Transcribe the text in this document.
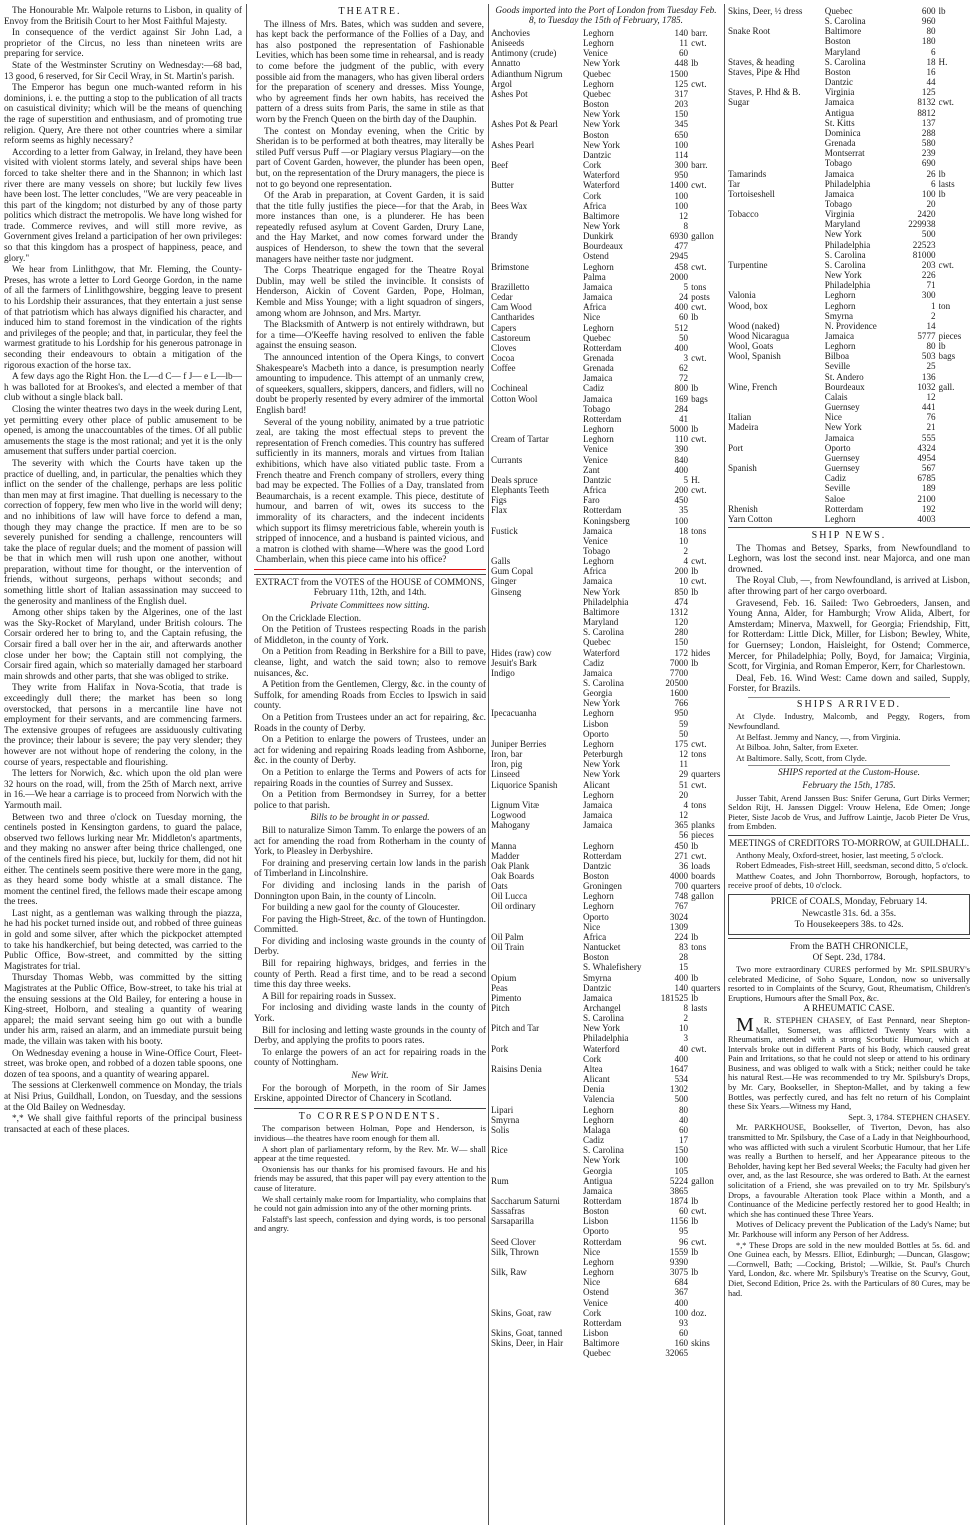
The Honourable Mr. Walpole returns to Lisbon, in quality of Envoy from the Britisih Court to her Most Faithful Majesty.

In consequence of the verdict against Sir John Lad, a proprietor of the Circus, no less than nineteen writs are preparing for service.

State of the Westminster Scrutiny on Wednesday:—68 bad, 13 good, 6 reserved, for Sir Cecil Wray, in St. Martin's parish.

The Emperor has begun one much-wanted reform in his dominions, i. e. the putting a stop to the publication of all tracts on casuistical divinity; which will be the means of quenching the rage of superstition and enthusiasm, and of promoting true religion. Query, Are there not other countries where a similar reform seems as highly necessary?

According to a letter from Galway, in Ireland, they have been visited with violent storms lately, and several ships have been forced to take shelter there and in the Shannon; in which last river there are many vessels on shore; but luckily few lives have been lost. The letter concludes, "We are very peaceable in this part of the kingdom; not disturbed by any of those party politics which distract the metropolis. We have long wished for trade. Commerce revives, and will still more revive, as Government gives Ireland a participation of her own privileges: so that this kingdom has a prospect of happiness, peace, and glory."

We hear from Linlithgow, that Mr. Fleming, the County-Preses, has wrote a letter to Lord George Gordon, in the name of all the farmers of Linlithgowshire, begging leave to present to his Lordship their assurances, that they entertain a just sense of that patriotism which has always dignified his character, and induced him to stand foremost in the vindication of the rights and privileges of the people; and that, in particular, they feel the warmest gratitude to his Lordship for his generous patronage in seconding their endeavours to obtain a mitigation of the rigorous exaction of the horse tax.

A few days ago the Right Hon. the L—d C— f J— e L—lb—h was balloted for at Brookes's, and elected a member of that club without a single black ball.

Closing the winter theatres two days in the week during Lent, yet permitting every other place of public amusement to be opened, is among the unaccountables of the times. Of all public amusements the stage is the most rational; and yet it is the only amusement that suffers under partial coercion.

The severity with which the Courts have taken up the practice of duelling, and, in particular, the penalties which they inflict on the sender of the challenge, perhaps are less politic than men may at first imagine. That duelling is necessary to the correction of foppery, few men who live in the world will deny; and no inhibitions of law will have force to defend a man, though they may change the practice. If men are to be so severely punished for sending a challenge, rencounters will take the place of regular duels; and the moment of passion will be that in which men will rush upon one another, without preparation, without time for thought, or the intervention of friends, without surgeons, perhaps without seconds; and something little short of Italian assassination may succeed to the generosity and manliness of the English duel.

Among other ships taken by the Algerines, one of the last was the Sky-Rocket of Maryland, under British colours. The Corsair ordered her to bring to, and the Captain refusing, the Corsair fired a ball over her in the air, and afterwards another close under her bow; the Captain still not complying, the Corsair fired again, which so materially damaged her starboard main shrowds and other parts, that she was obliged to strike.

They write from Halifax in Nova-Scotia, that trade is exceedingly dull there; the market has been so long overstocked, that persons in a mercantile line have not employment for their servants, and are commencing farmers. The extensive groupes of refugees are assiduously cultivating the province; their labour is severe; the pay very slender; they however are not without hope of rendering the colony, in the course of years, respectable and flourishing.

The letters for Norwich, &c. which upon the old plan were 32 hours on the road, will, from the 25th of March next, arrive in 16.—We hear a carriage is to proceed from Norwich with the Yarmouth mail.

Between two and three o'clock on Tuesday morning, the centinels posted in Kensington gardens, to guard the palace, observed two fellows lurking near Mr. Middleton's apartments, and they making no answer after being thrice challenged, one of the centinels fired his piece, but, luckily for them, did not hit either. The centinels seem positive there were more in the gang, as they heard some body whistle at a small distance. The moment the centinel fired, the fellows made their escape among the trees.

Last night, as a gentleman was walking through the piazza, he had his pocket turned inside out, and robbed of three guineas in gold and some silver, after which the pickpocket attempted to take his handkerchief, but being detected, was carried to the Public Office, Bow-street, and committed by the sitting Magistrates for trial.

Thursday Thomas Webb, was committed by the sitting Magistrates at the Public Office, Bow-street, to take his trial at the ensuing sessions at the Old Bailey, for entering a house in King-street, Holborn, and stealing a quantity of wearing apparel; the maid servant seeing him go out with a bundle under his arm, raised an alarm, and an immediate pursuit being made, the villain was taken with his booty.

On Wednesday evening a house in Wine-Office Court, Fleet-street, was broke open, and robbed of a dozen table spoons, one dozen of tea spoons, and a quantity of wearing apparel.

The sessions at Clerkenwell commence on Monday, the trials at Nisi Prius, Guildhall, London, on Tuesday, and the sessions at the Old Bailey on Wednesday.

*,* We shall give faithful reports of the principal business transacted at each of these places.

THEATRE.

The illness of Mrs. Bates, which was sudden and severe, has kept back the performance of the Follies of a Day, and has also postponed the representation of Fashionable Levities, which has been some time in rehearsal, and is ready to come before the judgment of the public, with every possible aid from the managers, who has given liberal orders for the preparation of scenery and dresses. Miss Younge, who by agreement finds her own habits, has received the pattern of a dress suits from Paris, the same in stile as that worn by the French Queen on the birth day of the Dauphin.

The contest on Monday evening, when the Critic by Sheridan is to be performed at both theatres, may literally be stiled Puff versus Puff —or Plagiary versus Plagiary—on the part of Covent Garden, however, the plunder has been open, but, on the representation of the Drury managers, the piece is not to go beyond one representation.

Of the Arab in preparation, at Covent Garden, it is said that the title fully justifies the piece—for that the Arab, in more instances than one, is a plunderer. He has been repeatedly refused asylum at Covent Garden, Drury Lane, and the Hay Market, and now comes forward under the auspices of Henderson, to shew the town that the several managers have neither taste nor judgment.

The Corps Theatrique engaged for the Theatre Royal Dublin, may well be stiled the invincible. It consists of Henderson, Aickin of Covent Garden, Pope, Holman, Kemble and Miss Younge; with a light squadron of singers, among whom are Johnson, and Mrs. Martyr.

The Blacksmith of Antwerp is not entirely withdrawn, but for a time—O'Keeffe having resolved to enliven the fable against the ensuing season.

The announced intention of the Opera Kings, to convert Shakespeare's Macbeth into a dance, is presumption nearly amounting to impudence. This attempt of an unmanly crew, of squeekers, squallers, skippers, dancers, and fidlers, will no doubt be properly resented by every admirer of the immortal English bard!

Several of the young nobility, animated by a true patriotic zeal, are taking the most effectual steps to prevent the representation of French comedies. This country has suffered sufficiently in its manners, morals and virtues from Italian exhibitions, which have also vitiated public taste. From a French theatre and French company of strollers, every thing bad may be expected. The Follies of a Day, translated from Beaumarchais, is a recent example. This piece, destitute of humour, and barren of wit, owes its success to the immorality of its characters, and the indecent incidents which support its flimsy meretricious fable, wherein youth is stripped of innocence, and a husband is painted vicious, and a matron is clothed with shame—Where was the good Lord Chamberlain, when this piece came into his office?

EXTRACT from the VOTES of the HOUSE of COMMONS, February 11th, 12th, and 14th.

Private Committees now sitting.

On the Cricklade Election.

On the Petition of Trustees respecting Roads in the parish of Middleton, in the county of York.

On a Petition from Reading in Berkshire for a Bill to pave, cleanse, light, and watch the said town; also to remove nuisances, &c.

A Petition from the Gentlemen, Clergy, &c. in the county of Suffolk, for amending Roads from Eccles to Ipswich in said county.

On a Petition from Trustees under an act for repairing, &c. Roads in the county of Derby.

On a Petition to enlarge the powers of Trustees, under an act for widening and repairing Roads leading from Ashborne, &c. in the county of Derby.

On a Petition to enlarge the Terms and Powers of acts for repairing Roads in the counties of Surrey and Sussex.

On a Petition from Bermondsey in Surrey, for a better police to that parish.

Bills to be brought in or passed.

Bill to naturalize Simon Tamm. To enlarge the powers of an act for amending the road from Rotherham in the county of York, to Pleasley in Derbyshire.

For draining and preserving certain low lands in the parish of Timberland in Lincolnshire.

For dividing and inclosing lands in the parish of Donnington upon Bain, in the county of Lincoln.

For building a new gaol for the county of Gloucester.

For paving the High-Street, &c. of the town of Huntingdon. Committed.

For dividing and inclosing waste grounds in the county of Derby.

Bill for repairing highways, bridges, and ferries in the county of Perth. Read a first time, and to be read a second time this day three weeks.

A Bill for repairing roads in Sussex.

For inclosing and dividing waste lands in the county of York.

Bill for inclosing and letting waste grounds in the county of Derby, and applying the profits to poors rates.

To enlarge the powers of an act for repairing roads in the county of Nottingham.

New Writ.

For the borough of Morpeth, in the room of Sir James Erskine, appointed Director of Chancery in Scotland.

To CORRESPONDENTS.

The comparison between Holman, Pope and Henderson, is invidious—the theatres have room enough for them all.

A short plan of parliamentary reform, by the Rev. Mr. W— shall appear at the time requested.

Oxoniensis has our thanks for his promised favours. He and his friends may be assured, that this paper will pay every attention to the cause of literature.

We shall certainly make room for Impartiality, who complains that he could not gain admission into any of the other morning prints.

Falstaff's last speech, confession and dying words, is too personal and angry.

Goods imported into the Port of London from Tuesday Feb. 8, to Tuesday the 15th of February, 1785.

Anchovies	Leghorn	140	barr.
Aniseeds	Leghorn	11	cwt.
Antimony (crude)	Venice	60	
Annatto	New York	448	lb
Adianthum Nigrum	Quebec	1500	
Argol	Leghorn	125	cwt.
Ashes Pot	Quebec	317	
	Boston	203	
	New York	150	
Ashes Pot & Pearl	New York	345	
	Boston	650	
Ashes Pearl	New York	100	
	Dantzic	114	
Beef	Cork	300	barr.
	Waterford	950	
Butter	Waterford	1400	cwt.
	Cork	100	
Bees Wax	Africa	100	
	Baltimore	12	
	New York	8	
Brandy	Dunkirk	6930	gallon
	Bourdeaux	477	
	Ostend	2945	
Brimstone	Leghorn	458	cwt.
	Palma	2000	
Brazilletto	Jamaica	5	tons
Cedar	Jamaica	24	posts
Cam Wood	Africa	400	cwt.
Cantharides	Nice	60	lb
Capers	Leghorn	512	
Castoreum	Quebec	50	
Cloves	Rotterdam	400	
Cocoa	Grenada	3	cwt.
Coffee	Grenada	62	
	Jamaica	72	
Cochineal	Cadiz	800	lb
Cotton Wool	Jamaica	169	bags
	Tobago	284	
	Rotterdam	41	
	Leghorn	5000	lb
Cream of Tartar	Leghorn	110	cwt.
	Venice	390	
Currants	Venice	840	
	Zant	400	
Deals spruce	Dantzic	5	H.
Elephants Teeth	Africa	200	cwt.
Figs	Faro	450	
Flax	Rotterdam	35	
	Koningsberg	100	
Fustick	Jamaica	18	tons
	Venice	10	
	Tobago	2	
Galls	Leghorn	4	cwt.
Gum Copal	Africa	200	lb
Ginger	Jamaica	10	cwt.
Ginseng	New York	850	lb
	Philadelphia	474	
	Baltimore	1312	
	Maryland	120	
	S. Carolina	280	
	Quebec	150	
Hides (raw) cow	Waterford	172	hides
Jesuit's Bark	Cadiz	7000	lb
Indigo	Jamaica	7700	
	S. Carolina	20500	
	Georgia	1600	
	New York	766	
Ipecacuanha	Leghorn	950	
	Lisbon	59	
	Oporto	50	
Juniper Berries	Leghorn	175	cwt.
Iron, bar	Peterburgh	12	tons
Iron, pig	New York	11	
Linseed	New York	29	quarters
Liquorice Spanish	Alicant	51	cwt.
	Leghorn	20	
Lignum Vitæ	Jamaica	4	tons
Logwood	Jamaica	12	
Mahogany	Jamaica	365	planks
		56	pieces
Manna	Leghorn	450	lb
Madder	Rotterdam	271	cwt.
Oak Plank	Dantzic	36	loads
Oak Boards	Boston	4000	boards
Oats	Groningen	700	quarters
Oil Lucca	Leghorn	748	gallon
Oil ordinary	Leghorn	767	
	Oporto	3024	
	Nice	1309	
Oil Palm	Africa	224	lb
Oil Train	Nantucket	83	tons
	Boston	28	
	S. Whalefishery	15	
Opium	Smyrna	400	lb
Peas	Dantzic	140	quarters
Pimento	Jamaica	181525	lb
Pitch	Archangel	8	lasts
	S. Carolina	2	
Pitch and Tar	New York	10	
	Philadelphia	3	
Pork	Waterford	40	cwt.
	Cork	400	
Raisins Denia	Altea	1647	
	Alicant	534	
	Denia	1302	
	Valencia	500	
Lipari	Leghorn	80	
Smyrna	Leghorn	40	
Solis	Malaga	60	
	Cadiz	17	
Rice	S. Carolina	150	
	New York	100	
	Georgia	105	
Rum	Antigua	5224	gallon
	Jamaica	3865	
Saccharum Saturni	Rotterdam	1874	lb
Sassafras	Boston	60	cwt.
Sarsaparilla	Lisbon	1156	lb
	Oporto	95	
Seed Clover	Rotterdam	96	cwt.
Silk, Thrown	Nice	1559	lb
	Leghorn	9390	
Silk, Raw	Leghorn	3075	lb
	Nice	684	
	Ostend	367	
	Venice	400	
Skins, Goat, raw	Cork	100	doz.
	Rotterdam	93	
Skins, Goat, tanned	Lisbon	60	
Skins, Deer, in Hair	Baltimore	160	skins
	Quebec	32065	
Skins, Deer, ½ dress	Quebec	600	lb
	S. Carolina	960	
Snake Root	Baltimore	80	
	Boston	180	
	Maryland	6	
Staves, & heading	S. Carolina	18	H.
Staves, Pipe & Hhd	Boston	16	
	Dantzic	44	
Staves, P. Hhd & B.	Virginia	125	
Sugar	Jamaica	8132	cwt.
	Antigua	8812	
	St. Kitts	137	
	Dominica	288	
	Grenada	580	
	Montserrat	239	
	Tobago	690	
Tamarinds	Jamaica	26	lb
Tar	Philadelphia	6	lasts
Tortoiseshell	Jamaica	100	lb
	Tobago	20	
Tobacco	Virginia	2420	
	Maryland	229938	
	New York	500	
	Philadelphia	22523	
	S. Carolina	81000	
Turpentine	S. Carolina	203	cwt.
	New York	226	
	Philadelphia	71	
Valonia	Leghorn	300	
Wood, box	Leghorn	1	ton
	Smyrna	2	
Wood (naked)	N. Providence	14	
Wood Nicaragua	Jamaica	5777	pieces
Wool, Goats	Leghorn	80	lb
Wool, Spanish	Bilboa	503	bags
	Seville	25	
	St. Andero	136	
Wine, French	Bourdeaux	1032	gall.
	Calais	12	
	Guernsey	441	
Italian	Nice	76	
Madeira	New York	21	
	Jamaica	555	
Port	Oporto	4324	
	Guernsey	4954	
Spanish	Guernsey	567	
	Cadiz	6785	
	Seville	189	
	Saloe	2100	
Rhenish	Rotterdam	192	
Yarn Cotton	Leghorn	4003	

SHIP NEWS.

The Thomas and Betsey, Sparks, from Newfoundland to Leghorn, was lost the second inst. near Majorca, and one man drowned.

The Royal Club, —, from Newfoundland, is arrived at Lisbon, after throwing part of her cargo overboard.

Gravesend, Feb. 16. Sailed: Two Gebroeders, Jansen, and Young Anna, Alder, for Hamburgh; Vrow Alida, Albert, for Amsterdam; Minerva, Maxwell, for Georgia; Friendship, Fitt, for Rotterdam: Little Dick, Miller, for Lisbon; Bewley, White, for Guernsey; London, Haisleight, for Ostend; Commerce, Mercer, for Philadelphia; Polly, Boyd, for Jamaica; Virginia, Scott, for Virginia, and Roman Emperor, Kerr, for Charlestown.

Deal, Feb. 16. Wind West: Came down and sailed, Supply, Forster, for Brazils.

SHIPS ARRIVED.

At Clyde. Industry, Malcomb, and Peggy, Rogers, from Newfoundland.

At Belfast. Jemmy and Nancy, —, from Virginia.

At Bilboa. John, Salter, from Exeter.

At Baltimore. Sally, Scott, from Clyde.

SHIPS reported at the Custom-House.

February the 15th, 1785.

Jusser Tabit, Arend Janssen Bus: Snifer Geruna, Gurt Dirks Vermer; Seldon Rijt, H. Janssen Diggel: Vrouw Helena, Ede Omen; Jonge Pieter, Siste Jacob de Vrus, and Juffrow Laintje, Jacob Pieter De Vrus, from Embden.

MEETINGS of CREDITORS TO-MORROW, at GUILDHALL.

Anthony Mealy, Oxford-street, hosier, last meeting, 5 o'clock.

Robert Edmeades, Fish-street Hill, seedsman, second ditto, 5 o'clock.

Matthew Coates, and John Thornborrow, Borough, hopfactors, to receive proof of debts, 10 o'clock.

PRICE of COALS, Monday, February 14.

Newcastle 31s. 6d. a 35s.

To Housekeepers 38s. to 42s.

From the BATH CHRONICLE,

Of Sept. 23d, 1784.

Two more extraordinary CURES performed by Mr. SPILSBURY's celebrated Medicine, of Soho Square, London, now so universally resorted to in Complaints of the Scurvy, Gout, Rheumatism, Children's Eruptions, Humours after the Small Pox, &c.

A RHEUMATIC CASE.

M R. STEPHEN CHASEY, of East Pennard, near Shepton-Mallet, Somerset, was afflicted Twenty Years with a Rheumatism, attended with a strong Scorbutic Humour, which at Intervals broke out in different Parts of his Body, which caused great Pain and Irritations, so that he could not sleep or attend to his ordinary Business, and was obliged to walk with a Stick; neither could he take his natural Rest.—He was recommended to try Mr. Spilsbury's Drops, by Mr. Cary, Bookseller, in Shepton-Mallet, and by taking a few Bottles, was perfectly cured, and has felt no return of his Complaint these Six Years.—Witness my Hand,

Sept. 3, 1784. STEPHEN CHASEY.

Mr. PARKHOUSE, Bookseller, of Tiverton, Devon, has also transmitted to Mr. Spilsbury, the Case of a Lady in that Neighbourhood, who was afflicted with such a virulent Scorbutic Humour, that her Life was really a Burthen to herself, and her Appearance piteous to the Beholder, having kept her Bed several Weeks; the Faculty had given her over, and, as the last Resource, she was ordered to Bath. At the earnest solicitation of a Friend, she was prevailed on to try Mr. Spilsbury's Drops, a favourable Alteration took Place within a Month, and a Continuance of the Medicine perfectly restored her to good Health; in which she has continued these Three Years.

Motives of Delicacy prevent the Publication of the Lady's Name; but Mr. Parkhouse will inform any Person of her Address.

*,* These Drops are sold in the new moulded Bottles at 5s. 6d. and One Guinea each, by Messrs. Elliot, Edinburgh; —Duncan, Glasgow; —Cornwell, Bath; —Cocking, Bristol; —Wilkie, St. Paul's Church Yard, London, &c. where Mr. Spilsbury's Treatise on the Scurvy, Gout, Diet, Second Edition, Price 2s. with the Particulars of 80 Cures, may be had.
